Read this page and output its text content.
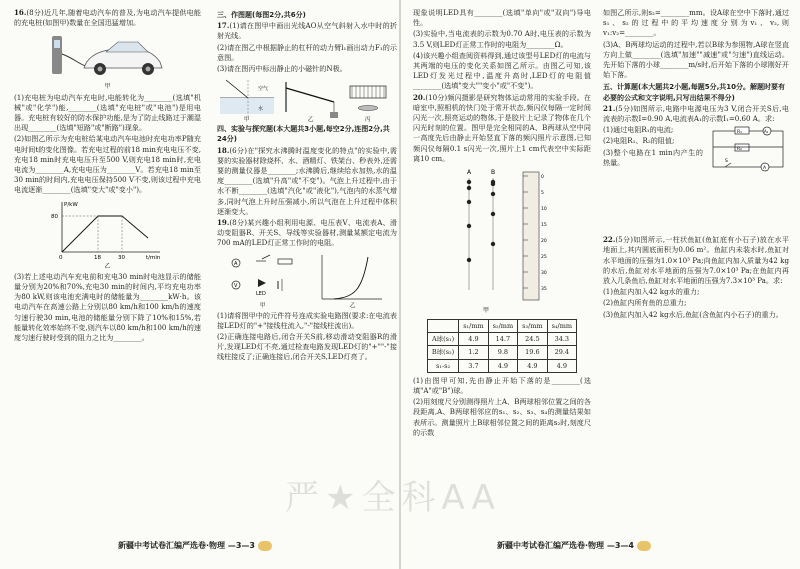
16.(8分)近几年,随着电动汽车的普及,为电动汽车提供电能的充电桩(如图甲)数量在全国迅猛增加。

甲

(1)充电桩为电动汽车充电时,电能转化为________(选填"机械"或"化学")能,________(选填"充电桩"或"电池")是用电器。充电桩有较好的防水保护功能,是为了防止线路过于潮湿出现________(选填"短路"或"断路")现象。

(2)如图乙所示为充电桩给某电动汽车电池时充电功率P随充电时间t的变化图像。若充电过程的前18 min充电电压不变,充电18 min时充电电压升至500 V,则充电18 min时,充电电流为________A,充电电压为________V。若充电18 min至30 min的时间内,充电电压保持500 V不变,则该过程中充电电流逐渐________(选填"变大"或"变小")。

P/kW
t/min
80
0	18	30
乙

(3)若上述电动汽车充电前和充电30 min时电池显示的储能量分别为20%和70%,充电30 min的时间内,平均充电功率为80 kW,则该电池充满电时的储能量为________kW·h。该电动汽车在高速公路上分别以80 km/h和100 km/h的速度匀速行驶30 min,电池的储能量分别下降了10%和15%,若能量转化效率始终不变,则汽车以80 km/h和100 km/h的速度匀速行驶时受到的阻力之比为________。

三、作图题(每图2分,共6分)

17.(1)请在图甲中画出光线AO从空气斜射入水中时的折射光线。

(2)请在图乙中根据静止的杠杆的动力臂l₁画出动力F₁的示意图。

(3)请在图丙中标出静止的小磁针的N极。

空气
水
甲	乙	丙
四、实验与探究题(本大题共3小题,每空2分,连图2分,共24分)

18.(6分)在"探究水沸腾时温度变化的特点"的实验中,需要的实验器材除烧杯、水、酒精灯、铁架台、秒表外,还需要的测量仪器是________;水沸腾后,继续给水加热,水的温度________(选填"升高"或"不变")。气泡上升过程中,由于水不断________(选填"汽化"或"液化"),气泡内的水蒸气增多,同时气泡上升时压强减小,所以气泡在上升过程中体积逐渐变大。

19.(8分)某兴趣小组利用电源、电压表V、电流表A、滑动变阻器R、开关S、导线等实验器材,测量某额定电流为700 mA的LED灯正常工作时的电阻。

A
V
LED
甲	乙

(1)请将图甲中的元件符号连成实验电路图(要求:在电流表接LED灯的"+"接线柱流入,"-"接线柱流出)。

(2)正确连接电路后,闭合开关S前,移动滑动变阻器R的滑片,发现LED灯不亮,通过检查电路发现LED灯的"+""-"接线柱接反了;正确连接后,闭合开关S,LED灯亮了。

现象说明LED具有________(选填"单向"或"双向")导电性。

(3)实验中,当电流表的示数为0.70 A时,电压表的示数为3.5 V,则LED灯正常工作时的电阻为________Ω。

(4)该兴趣小组查阅资料得到,通过该型号LED灯的电流与其两端的电压的变化关系如图乙所示。由图乙可知,该LED灯发光过程中,温度升高时,LED灯的电阻值________(选填"变大""变小"或"不变")。

20.(10分)频闪摄影是研究物体运动常用的实验手段。在暗室中,照相机的快门处于常开状态,频闪仪每隔一定时间闪光一次,照亮运动的物体,于是胶片上记录了物体在几个闪光时刻的位置。图甲是完全相同的A、B两球从空中同一高度先后由静止开始竖直下落的频闪照片示意图,已知频闪仪每隔0.1 s闪光一次,照片上1 cm代表空中实际距离10 cm。

A	B
0
5
10
15
20
25
30
35
甲
	s₁/mm	s₂/mm	s₃/mm	s₄/mm
A球(s₁)	4.9	14.7	24.5	34.3
B球(s₂)	1.2	9.8	19.6	29.4
s₁-s₂	3.7	4.9	4.9	4.9

(1)由图甲可知,先由静止开始下落的是________(选填"A"或"B")球。

(2)用刻度尺分别测得照片上A、B两球相邻位置之间的各段距离,A、B两球相邻应的s₁、s₂、s₃、s₄的测量结果如表所示。测量照片上B球相邻位置之间的距离s₂时,刻度尺的示数

如图乙所示,则s₂=________mm。设A球在空中下落时,通过s₁、s₂的过程中的平均速度分别为v₁、v₂,则v₁:v₂=________。

(3)A、B两球均运动的过程中,若以B球为参照物,A球在竖直方向上做________(选填"加速""减速"或"匀速")直线运动。先开始下落的小球________m/s时,后开始下落的小球刚好开始下落。

五、计算题(本大题共2小题,每题5分,共10分。解题时要有必要的公式和文字说明,只写出结果不得分)

21.(5分)如图所示,电路中电源电压为3 V,闭合开关S后,电流表的示数I=0.90 A,电流表A₁的示数I₁=0.60 A。求:

(1)通过电阻R₁的电流;

(2)电阻R₁、R₂的阻值;

(3)整个电路在1 min内产生的热量。

R₁
R₂
A
A₁
S

22.(5分)如图所示,一柱状鱼缸(鱼缸底有小石子)放在水平地面上,其内圆底面积为0.06 m²。鱼缸内未装水时,鱼缸对水平地面的压强为1.0×10³ Pa;向鱼缸内加入质量为42 kg的水后,鱼缸对水平地面的压强为7.0×10³ Pa;在鱼缸内再放入几条鱼后,鱼缸对水平地面的压强为7.3×10³ Pa。求:

(1)鱼缸内加入42 kg水的重力;

(2)鱼缸内所有鱼的总重力;

(3)鱼缸内加入42 kg水后,鱼缸(含鱼缸内小石子)的重力。

严★全科AA
新疆中考试卷汇编严选卷·物理 —3—3	新疆中考试卷汇编严选卷·物理 —3—4
